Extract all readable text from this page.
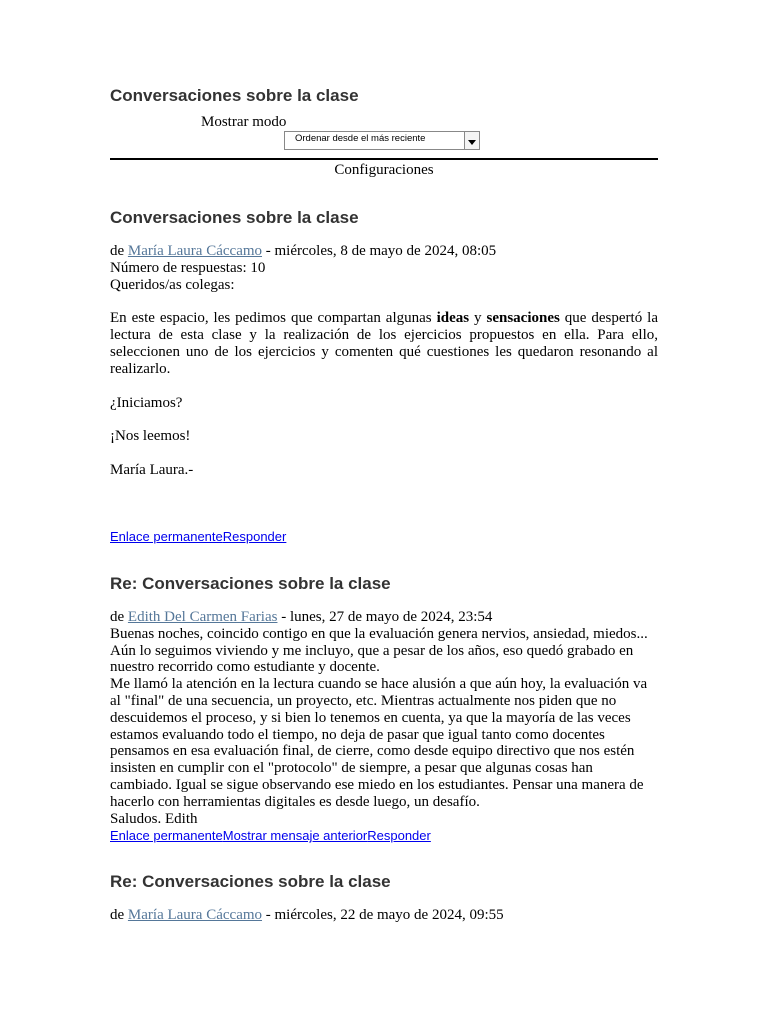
Conversaciones sobre la clase
Mostrar modo
Ordenar desde el más reciente
Configuraciones
Conversaciones sobre la clase

de María Laura Cáccamo - miércoles, 8 de mayo de 2024, 08:05

Número de respuestas: 10

Queridos/as colegas:

En este espacio, les pedimos que compartan algunas ideas y sensaciones que despertó la lectura de esta clase y la realización de los ejercicios propuestos en ella. Para ello, seleccionen uno de los ejercicios y comenten qué cuestiones les quedaron resonando al realizarlo.

¿Iniciamos?

¡Nos leemos!

María Laura.-

Enlace permanenteResponder
Re: Conversaciones sobre la clase

de Edith Del Carmen Farias - lunes, 27 de mayo de 2024, 23:54

Buenas noches, coincido contigo en que la evaluación genera nervios, ansiedad, miedos... Aún lo seguimos viviendo y me incluyo, que a pesar de los años, eso quedó grabado en nuestro recorrido como estudiante y docente.

Me llamó la atención en la lectura cuando se hace alusión a que aún hoy, la evaluación va al "final" de una secuencia, un proyecto, etc. Mientras actualmente nos piden que no descuidemos el proceso, y si bien lo tenemos en cuenta, ya que la mayoría de las veces estamos evaluando todo el tiempo, no deja de pasar que igual tanto como docentes pensamos en esa evaluación final, de cierre, como desde equipo directivo que nos estén insisten en cumplir con el "protocolo" de siempre, a pesar que algunas cosas han cambiado. Igual se sigue observando ese miedo en los estudiantes. Pensar una manera de hacerlo con herramientas digitales es desde luego, un desafío.

Saludos. Edith

Enlace permanenteMostrar mensaje anteriorResponder
Re: Conversaciones sobre la clase

de María Laura Cáccamo - miércoles, 22 de mayo de 2024, 09:55
